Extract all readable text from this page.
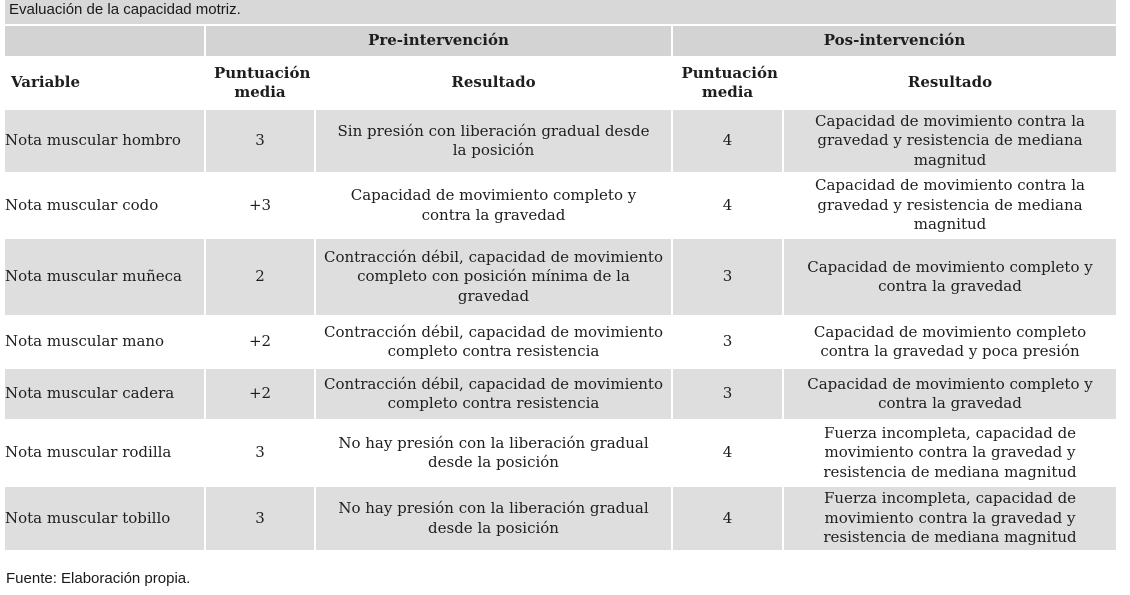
Evaluación de la capacidad motriz.
	Pre-intervención		Pos-intervención	
Variable	Puntuación media	Resultado	Puntuación media	Resultado
Nota muscular hombro	3	Sin presión con liberación gradual desde la posición	4	Capacidad de movimiento contra la gravedad y resistencia de mediana magnitud

Nota muscular codo	+3	Capacidad de movimiento completo y contra la gravedad	4	Capacidad de movimiento contra la gravedad y resistencia de mediana magnitud

Nota muscular muñeca	2	Contracción débil, capacidad de movimiento completo con posición mínima de la gravedad	3	Capacidad de movimiento completo y contra la gravedad

Nota muscular mano	+2	Contracción débil, capacidad de movimiento completo contra resistencia	3	Capacidad de movimiento completo contra la gravedad y poca presión

Nota muscular cadera	+2	Contracción débil, capacidad de movimiento completo contra resistencia	3	Capacidad de movimiento completo y contra la gravedad

Nota muscular rodilla	3	No hay presión con la liberación gradual desde la posición	4	Fuerza incompleta, capacidad de movimiento contra la gravedad y resistencia de mediana magnitud

Nota muscular tobillo	3	No hay presión con la liberación gradual desde la posición	4	Fuerza incompleta, capacidad de movimiento contra la gravedad y resistencia de mediana magnitud
Fuente: Elaboración propia.
